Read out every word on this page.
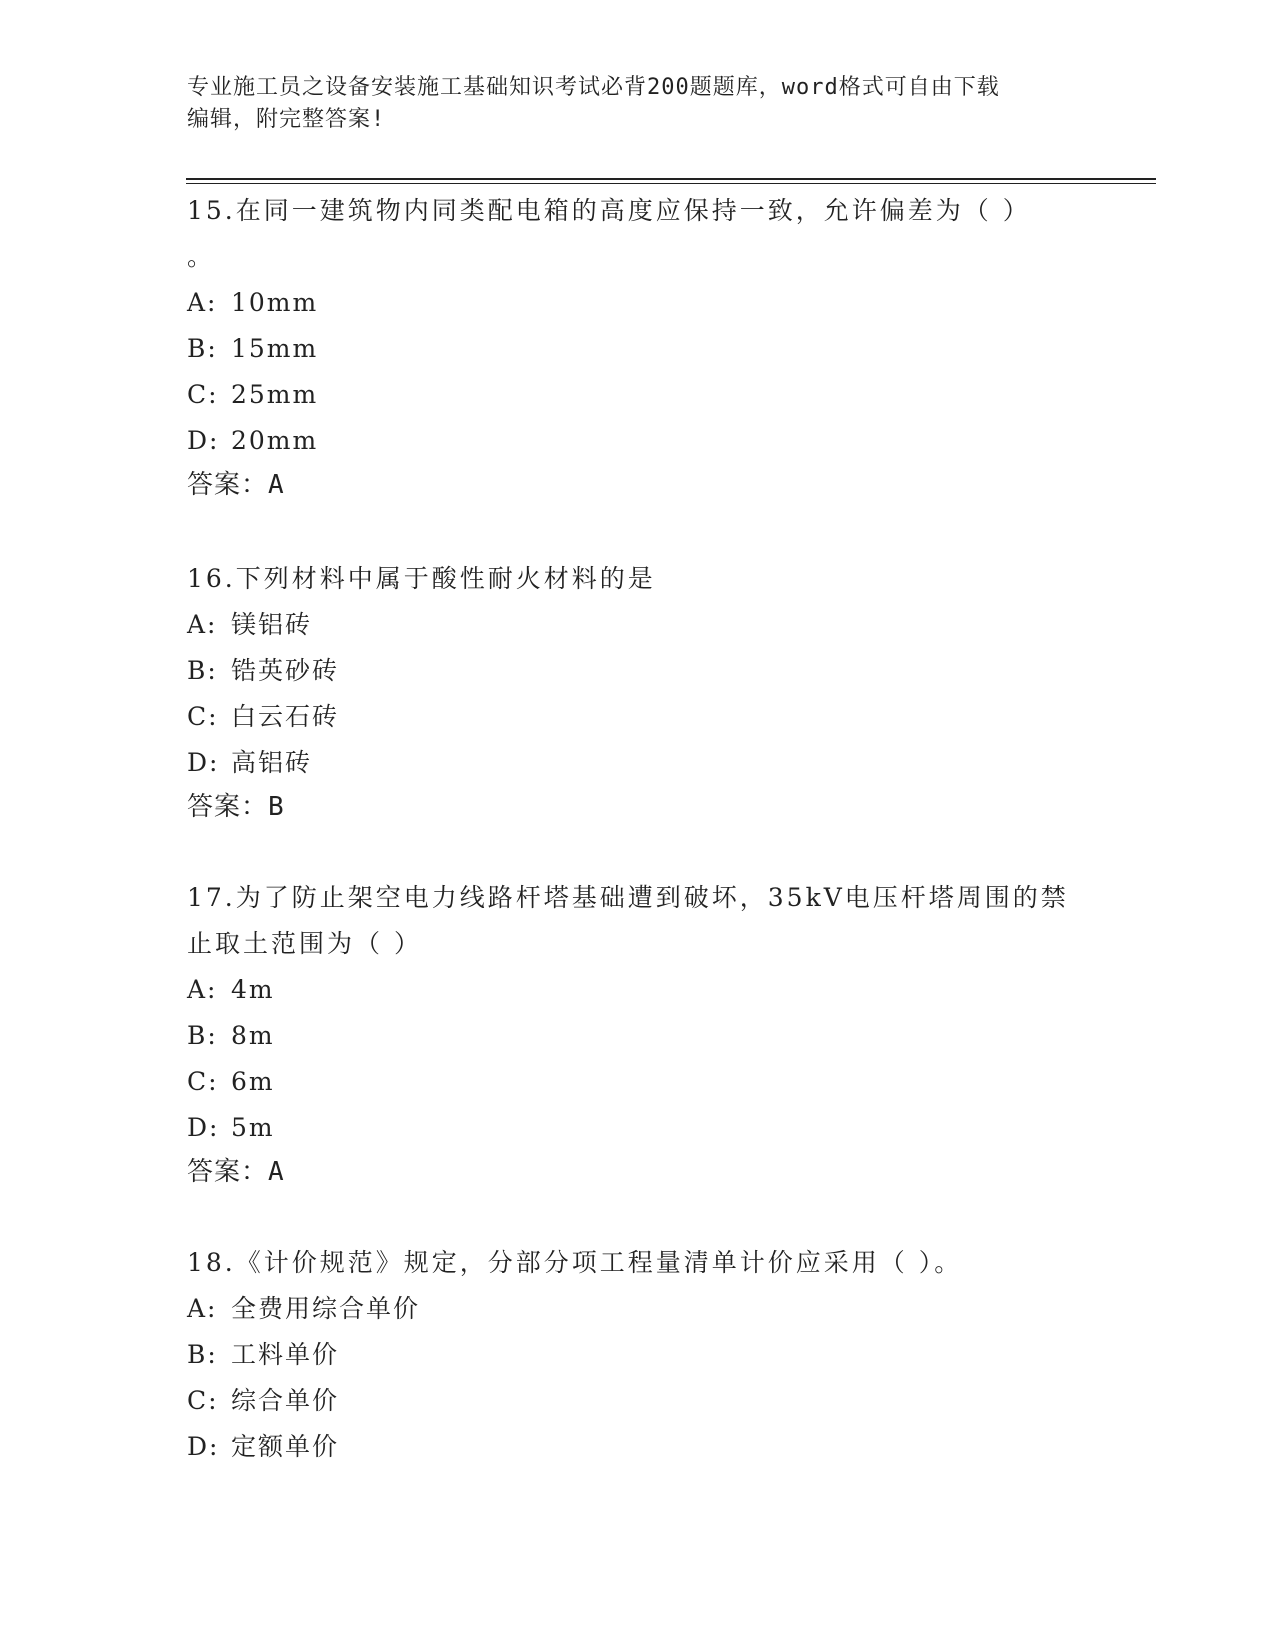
专业施工员之设备安装施工基础知识考试必背200题题库，word格式可自由下载
编辑，附完整答案!
15.在同一建筑物内同类配电箱的高度应保持一致，允许偏差为（ ）
。
A: 10mm
B: 15mm
C: 25mm
D: 20mm
答案：A
16.下列材料中属于酸性耐火材料的是
A: 镁铝砖
B: 锆英砂砖
C: 白云石砖
D: 高铝砖
答案：B
17.为了防止架空电力线路杆塔基础遭到破坏，35kV电压杆塔周围的禁
止取土范围为（ ）
A: 4m
B: 8m
C: 6m
D: 5m
答案：A
18.《计价规范》规定，分部分项工程量清单计价应采用（ ）。
A: 全费用综合单价
B: 工料单价
C: 综合单价
D: 定额单价
